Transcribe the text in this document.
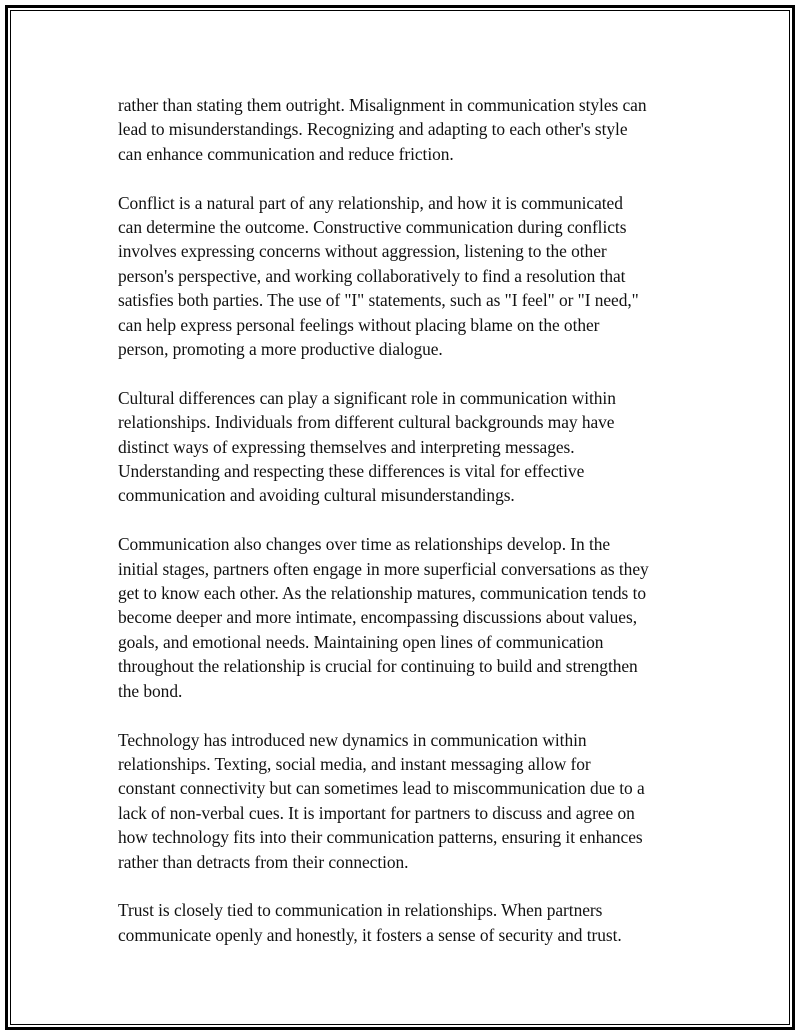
rather than stating them outright. Misalignment in communication styles can
lead to misunderstandings. Recognizing and adapting to each other's style
can enhance communication and reduce friction.

Conflict is a natural part of any relationship, and how it is communicated
can determine the outcome. Constructive communication during conflicts
involves expressing concerns without aggression, listening to the other
person's perspective, and working collaboratively to find a resolution that
satisfies both parties. The use of "I" statements, such as "I feel" or "I need,"
can help express personal feelings without placing blame on the other
person, promoting a more productive dialogue.

Cultural differences can play a significant role in communication within
relationships. Individuals from different cultural backgrounds may have
distinct ways of expressing themselves and interpreting messages.
Understanding and respecting these differences is vital for effective
communication and avoiding cultural misunderstandings.

Communication also changes over time as relationships develop. In the
initial stages, partners often engage in more superficial conversations as they
get to know each other. As the relationship matures, communication tends to
become deeper and more intimate, encompassing discussions about values,
goals, and emotional needs. Maintaining open lines of communication
throughout the relationship is crucial for continuing to build and strengthen
the bond.

Technology has introduced new dynamics in communication within
relationships. Texting, social media, and instant messaging allow for
constant connectivity but can sometimes lead to miscommunication due to a
lack of non-verbal cues. It is important for partners to discuss and agree on
how technology fits into their communication patterns, ensuring it enhances
rather than detracts from their connection.

Trust is closely tied to communication in relationships. When partners
communicate openly and honestly, it fosters a sense of security and trust.
